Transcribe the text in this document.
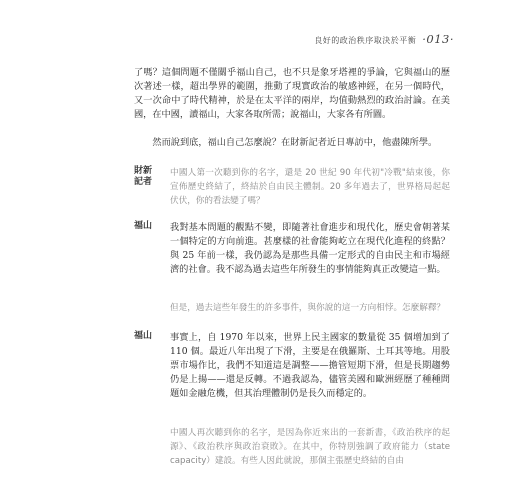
良好的政治秩序取決於平衡 ·013·

了嗎？這個問題不僅關乎福山自己，也不只是象牙塔裡的爭論，它與福山的歷次著述一樣，超出學界的範圍，推動了現實政治的敏感神經，在另一個時代，又一次命中了時代精神，於是在太平洋的兩岸，均值動熱烈的政治討論。在美國，在中國，讀福山，大家各取所需；說福山，大家各有所圖。

然而說到底，福山自己怎麼說？在財新記者近日專訪中，他盡陳所學。

財新
記者

中國人第一次聽到你的名字，還是 20 世紀 90 年代初"冷戰"結束後，你宣佈歷史終結了，終結於自由民主體制。20 多年過去了，世界格局起起伏伏，你的看法變了嗎？

福山	我對基本問題的觀點不變，即隨著社會進步和現代化，歷史會朝著某一個特定的方向前進。甚麼樣的社會能夠屹立在現代化進程的終點？與 25 年前一樣，我仍認為是那些具備一定形式的自由民主和市場經濟的社會。我不認為過去這些年所發生的事情能夠真正改變這一點。

但是，過去這些年發生的許多事件，與你說的這一方向相悖。怎麼解釋？

福山	事實上，自 1970 年以來，世界上民主國家的數量從 35 個增加到了 110 個。最近八年出現了下滑，主要是在俄羅斯、土耳其等地。用股票市場作比，我們不知道這是調整——擔管短期下滑，但是長期趨勢仍是上揚——還是反轉。不過我認為，儘管美國和歐洲經歷了種種問題如金融危機，但其治理體制仍是長久而穩定的。

中國人再次聽到你的名字，是因為你近來出的一套新書，《政治秩序的起源》、《政治秩序與政治衰敗》。在其中，你特別強調了政府能力（state capacity）建設。有些人因此就說，那個主張歷史終結的自由
